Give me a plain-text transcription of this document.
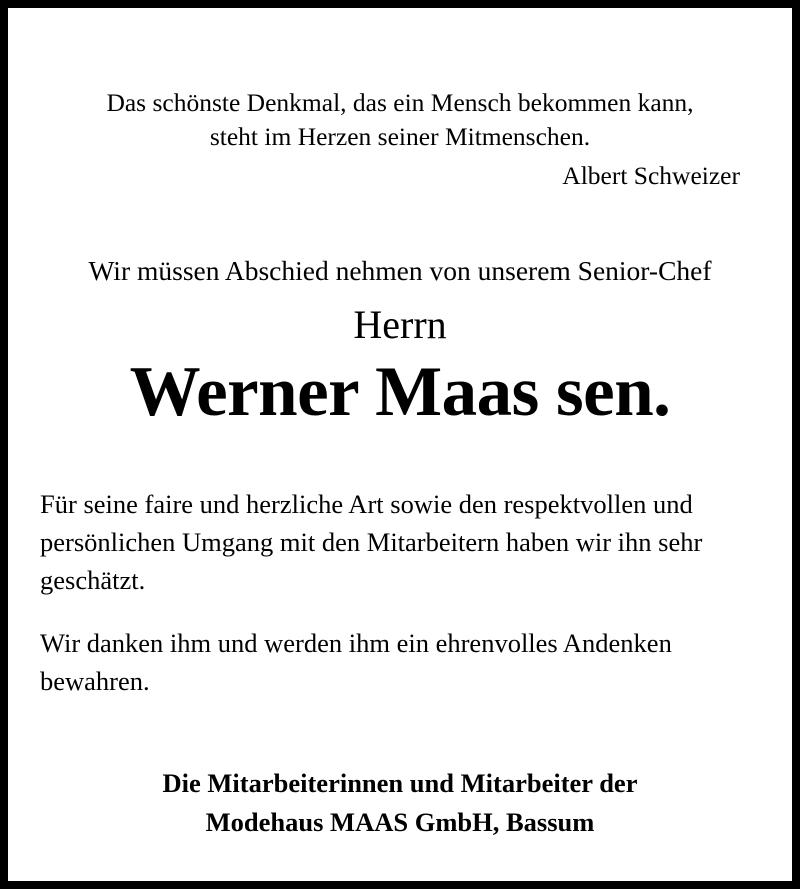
Das schönste Denkmal, das ein Mensch bekommen kann,
steht im Herzen seiner Mitmenschen.
Albert Schweizer
Wir müssen Abschied nehmen von unserem Senior-Chef
Herrn
Werner Maas sen.

Für seine faire und herzliche Art sowie den respektvollen und persönlichen Umgang mit den Mitarbeitern haben wir ihn sehr geschätzt.

Wir danken ihm und werden ihm ein ehrenvolles Andenken bewahren.

Die Mitarbeiterinnen und Mitarbeiter der
Modehaus MAAS GmbH, Bassum
